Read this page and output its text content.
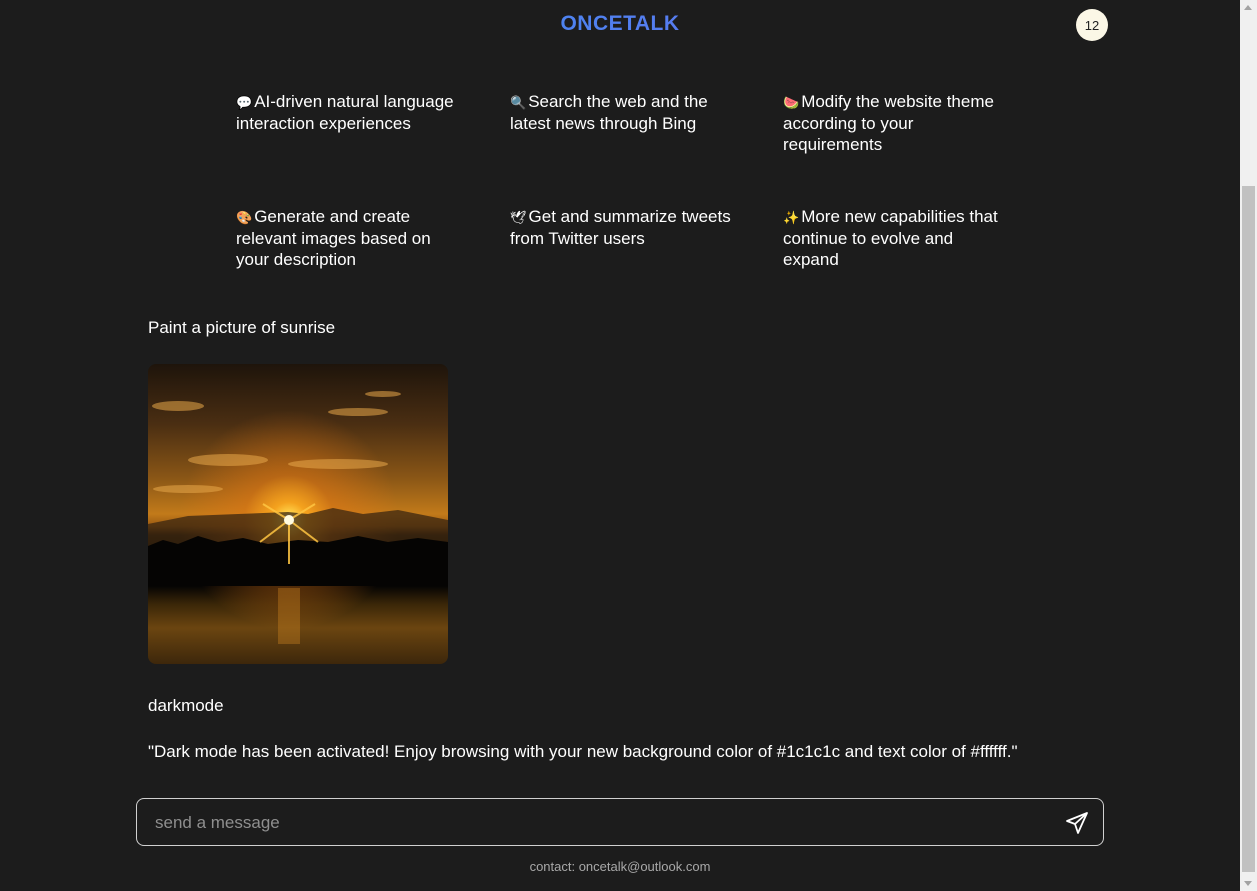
ONCETALK	12
💬 AI-driven natural language interaction experiences
🔍 Search the web and the latest news through Bing
🍉 Modify the website theme according to your requirements
🎨 Generate and create relevant images based on your description
🕊 Get and summarize tweets from Twitter users
✨ More new capabilities that continue to evolve and expand
Paint a picture of sunrise
darkmode
"Dark mode has been activated! Enjoy browsing with your new background color of #1c1c1c and text color of #ffffff."
send a message
contact: oncetalk@outlook.com
